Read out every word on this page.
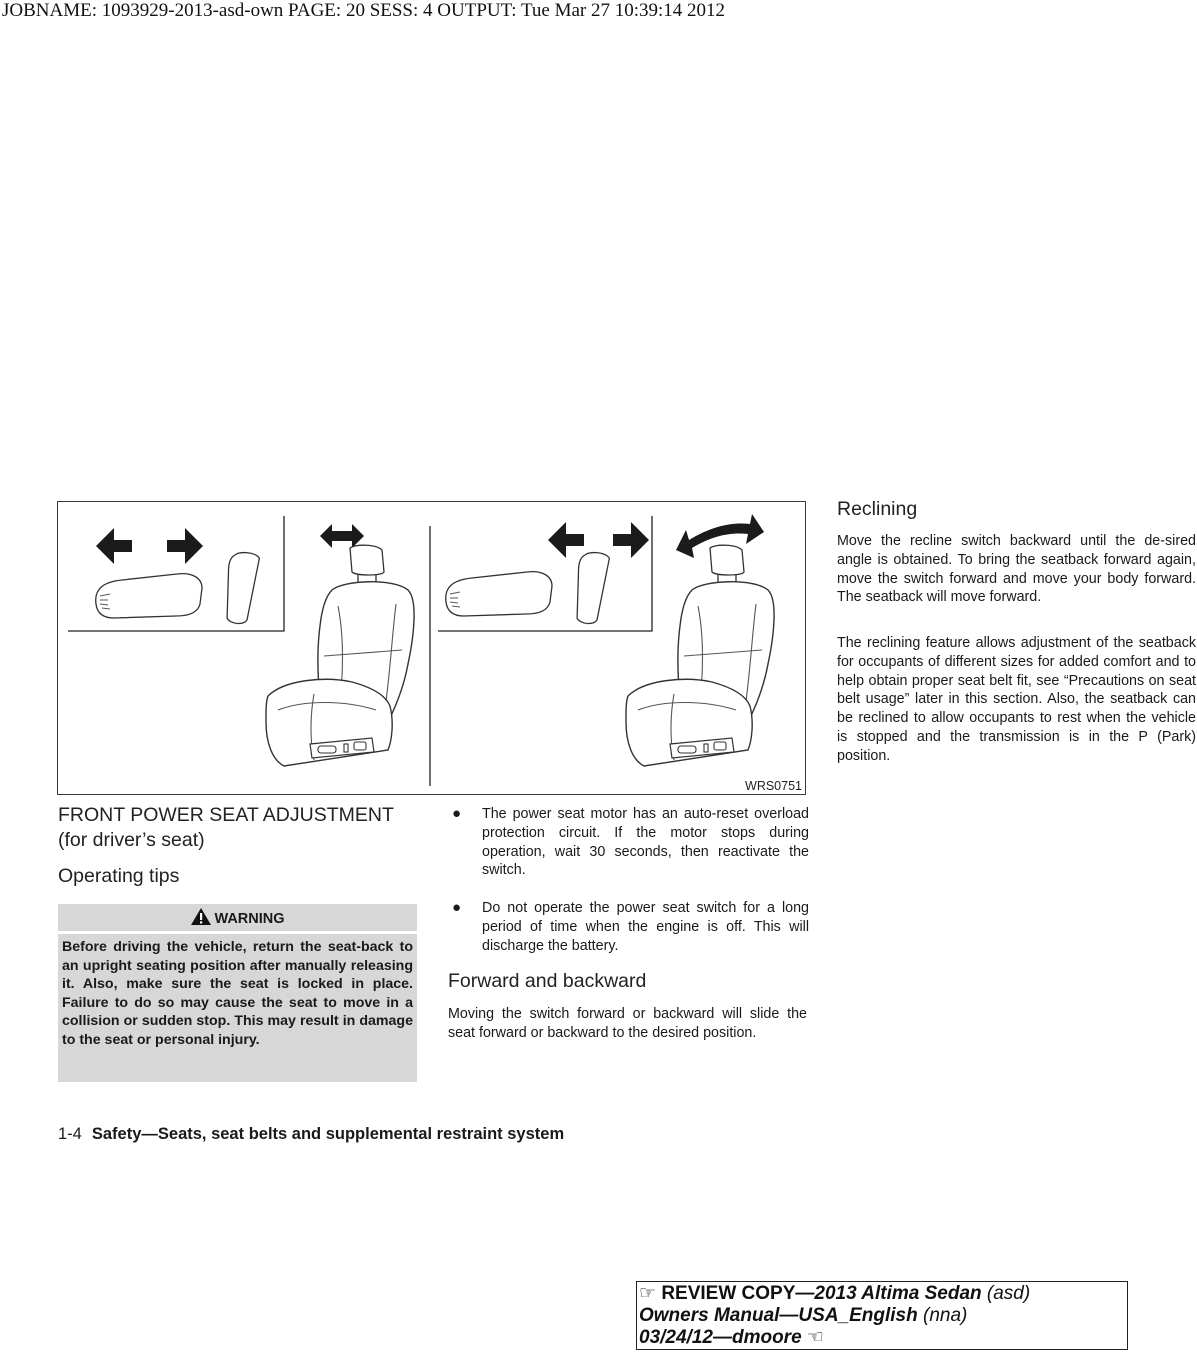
JOBNAME: 1093929-2013-asd-own PAGE: 20 SESS: 4 OUTPUT: Tue Mar 27 10:39:14 2012
WRS0751
FRONT POWER SEAT ADJUSTMENT
(for driver’s seat)
Operating tips
WARNING
Before driving the vehicle, return the seat-back to an upright seating position after manually releasing it. Also, make sure the seat is locked in place. Failure to do so may cause the seat to move in a collision or sudden stop. This may result in damage to the seat or personal injury.
● The power seat motor has an auto-reset overload protection circuit. If the motor stops during operation, wait 30 seconds, then reactivate the switch.
● Do not operate the power seat switch for a long period of time when the engine is off. This will discharge the battery.
Forward and backward

Moving the switch forward or backward will slide the seat forward or backward to the desired position.

Reclining

Move the recline switch backward until the de-sired angle is obtained. To bring the seatback forward again, move the switch forward and move your body forward. The seatback will move forward.

The reclining feature allows adjustment of the seatback for occupants of different sizes for added comfort and to help obtain proper seat belt fit, see “Precautions on seat belt usage” later in this section. Also, the seatback can be reclined to allow occupants to rest when the vehicle is stopped and the transmission is in the P (Park) position.

1-4 Safety—Seats, seat belts and supplemental restraint system
☞ REVIEW COPY—2013 Altima Sedan (asd)
Owners Manual—USA_English (nna)
03/24/12—dmoore ☜
